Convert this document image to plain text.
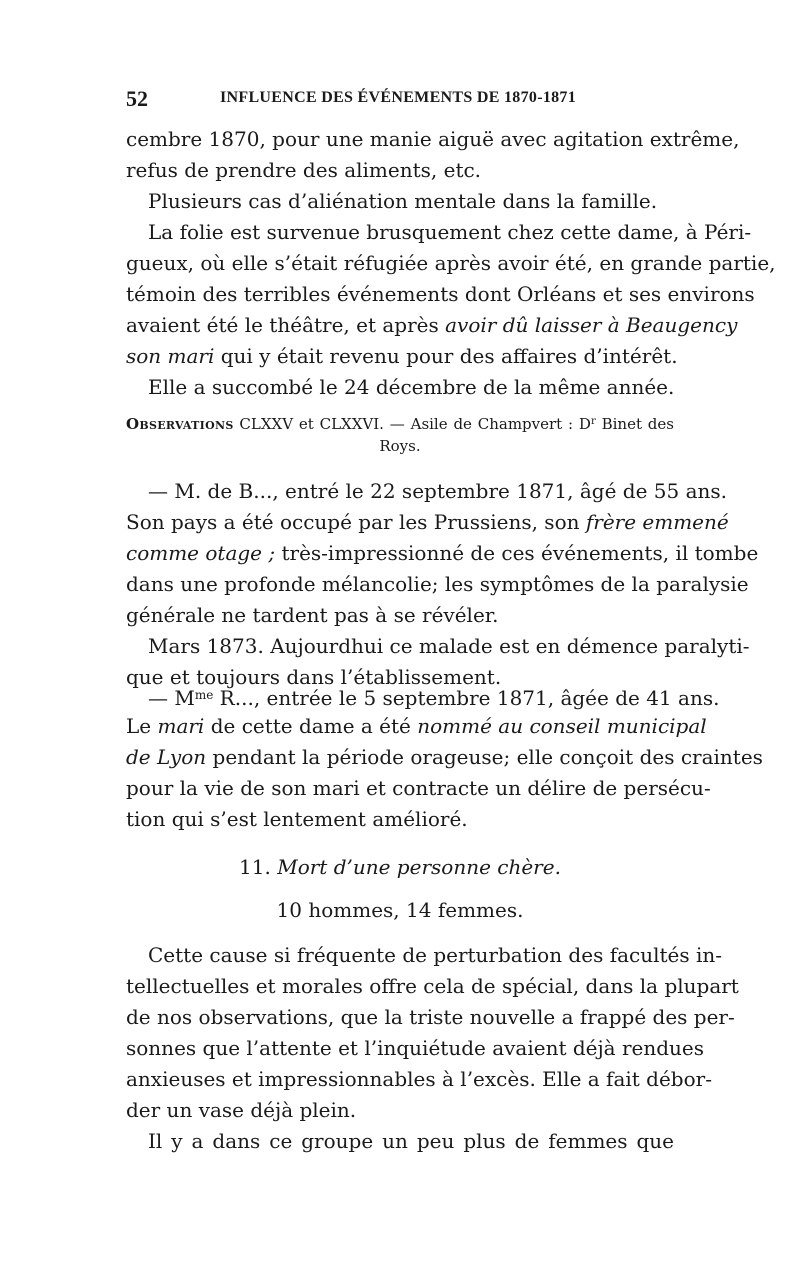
52	INFLUENCE DES ÉVÉNEMENTS DE 1870-1871
cembre 1870, pour une manie aiguë avec agitation extrême,
refus de prendre des aliments, etc.
Plusieurs cas d’aliénation mentale dans la famille.
La folie est survenue brusquement chez cette dame, à Péri-
gueux, où elle s’était réfugiée après avoir été, en grande partie,
témoin des terribles événements dont Orléans et ses environs
avaient été le théâtre, et après avoir dû laisser à Beaugency
son mari qui y était revenu pour des affaires d’intérêt.
Elle a succombé le 24 décembre de la même année.
Observations CLXXV et CLXXVI. — Asile de Champvert : $D^r$ Binet des
Roys.
— M. de B..., entré le 22 septembre 1871, âgé de 55 ans.
Son pays a été occupé par les Prussiens, son frère emmené
comme otage ; très-impressionné de ces événements, il tombe
dans une profonde mélancolie; les symptômes de la paralysie
générale ne tardent pas à se révéler.
Mars 1873. Aujourdhui ce malade est en démence paralyti-
que et toujours dans l’établissement.
— $M^{me}$ R..., entrée le 5 septembre 1871, âgée de 41 ans.
Le mari de cette dame a été nommé au conseil municipal
de Lyon pendant la période orageuse; elle conçoit des craintes
pour la vie de son mari et contracte un délire de persécu-
tion qui s’est lentement amélioré.
11. Mort d’une personne chère.
10 hommes, 14 femmes.
Cette cause si fréquente de perturbation des facultés in-
tellectuelles et morales offre cela de spécial, dans la plupart
de nos observations, que la triste nouvelle a frappé des per-
sonnes que l’attente et l’inquiétude avaient déjà rendues
anxieuses et impressionnables à l’excès. Elle a fait débor-
der un vase déjà plein.
Il y a dans ce groupe un peu plus de femmes que
